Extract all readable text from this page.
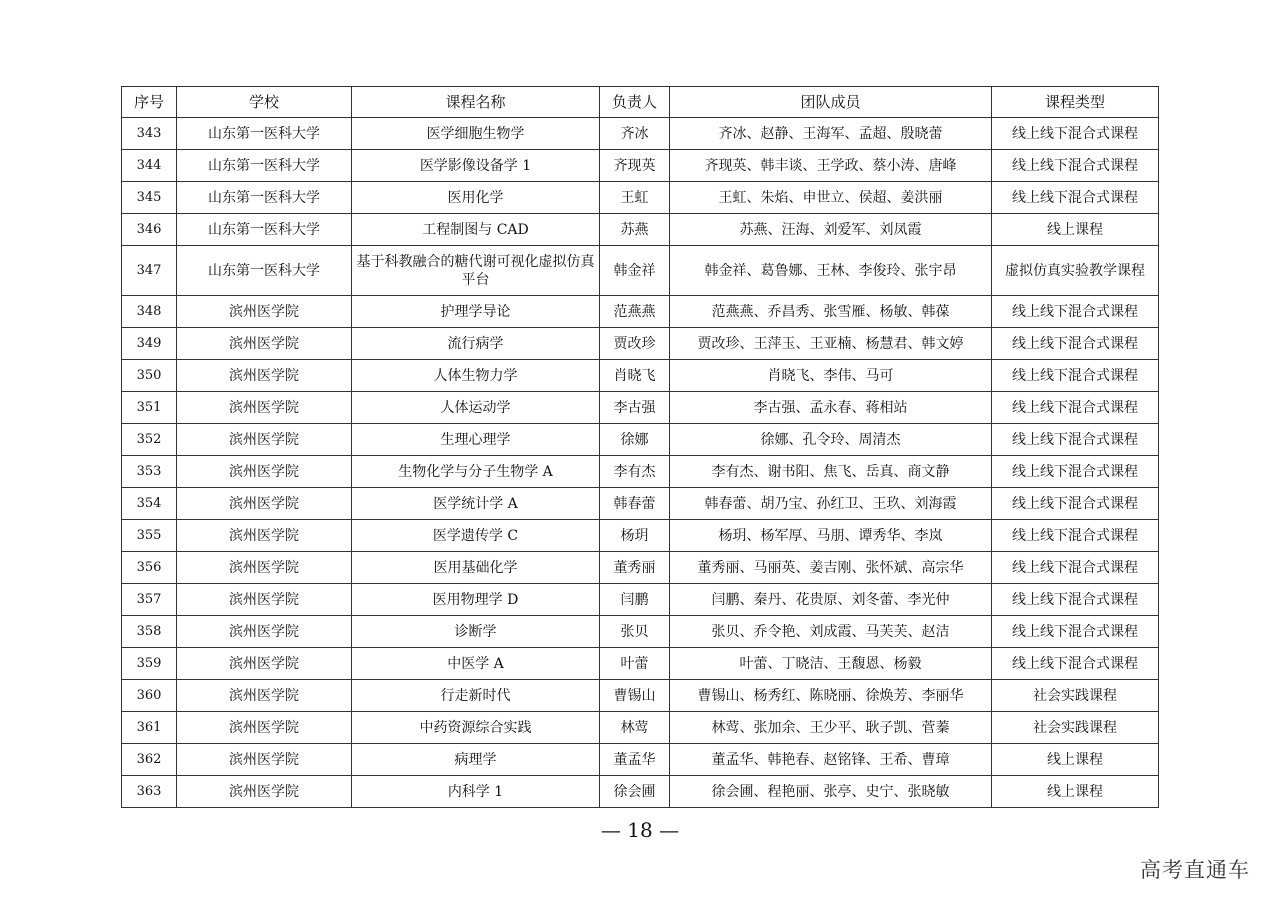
序号	学校	课程名称	负责人	团队成员	课程类型
343	山东第一医科大学	医学细胞生物学	齐冰	齐冰、赵静、王海军、孟超、殷晓蕾	线上线下混合式课程
344	山东第一医科大学	医学影像设备学 1	齐现英	齐现英、韩丰谈、王学政、蔡小涛、唐峰	线上线下混合式课程
345	山东第一医科大学	医用化学	王虹	王虹、朱焰、申世立、侯超、姜洪丽	线上线下混合式课程
346	山东第一医科大学	工程制图与 CAD	苏燕	苏燕、汪海、刘爱军、刘凤霞	线上课程
347	山东第一医科大学	基于科教融合的糖代谢可视化虚拟仿真平台	韩金祥	韩金祥、葛鲁娜、王林、李俊玲、张宇昂	虚拟仿真实验教学课程
348	滨州医学院	护理学导论	范燕燕	范燕燕、乔昌秀、张雪雁、杨敏、韩葆	线上线下混合式课程
349	滨州医学院	流行病学	贾改珍	贾改珍、王萍玉、王亚楠、杨慧君、韩文婷	线上线下混合式课程
350	滨州医学院	人体生物力学	肖晓飞	肖晓飞、李伟、马可	线上线下混合式课程
351	滨州医学院	人体运动学	李古强	李古强、孟永春、蒋相站	线上线下混合式课程
352	滨州医学院	生理心理学	徐娜	徐娜、孔令玲、周清杰	线上线下混合式课程
353	滨州医学院	生物化学与分子生物学 A	李有杰	李有杰、谢书阳、焦飞、岳真、商文静	线上线下混合式课程
354	滨州医学院	医学统计学 A	韩春蕾	韩春蕾、胡乃宝、孙红卫、王玖、刘海霞	线上线下混合式课程
355	滨州医学院	医学遗传学 C	杨玥	杨玥、杨军厚、马朋、谭秀华、李岚	线上线下混合式课程
356	滨州医学院	医用基础化学	董秀丽	董秀丽、马丽英、姜吉刚、张怀斌、高宗华	线上线下混合式课程
357	滨州医学院	医用物理学 D	闫鹏	闫鹏、秦丹、花贵原、刘冬蕾、李光仲	线上线下混合式课程
358	滨州医学院	诊断学	张贝	张贝、乔令艳、刘成霞、马芙芙、赵洁	线上线下混合式课程
359	滨州医学院	中医学 A	叶蕾	叶蕾、丁晓洁、王馥恩、杨毅	线上线下混合式课程
360	滨州医学院	行走新时代	曹锡山	曹锡山、杨秀红、陈晓丽、徐焕芳、李丽华	社会实践课程
361	滨州医学院	中药资源综合实践	林莺	林莺、张加余、王少平、耿子凯、菅蓁	社会实践课程
362	滨州医学院	病理学	董孟华	董孟华、韩艳春、赵铭锋、王希、曹璋	线上课程
363	滨州医学院	内科学 1	徐会圃	徐会圃、程艳丽、张亭、史宁、张晓敏	线上课程
— 18 —
高考直通车
